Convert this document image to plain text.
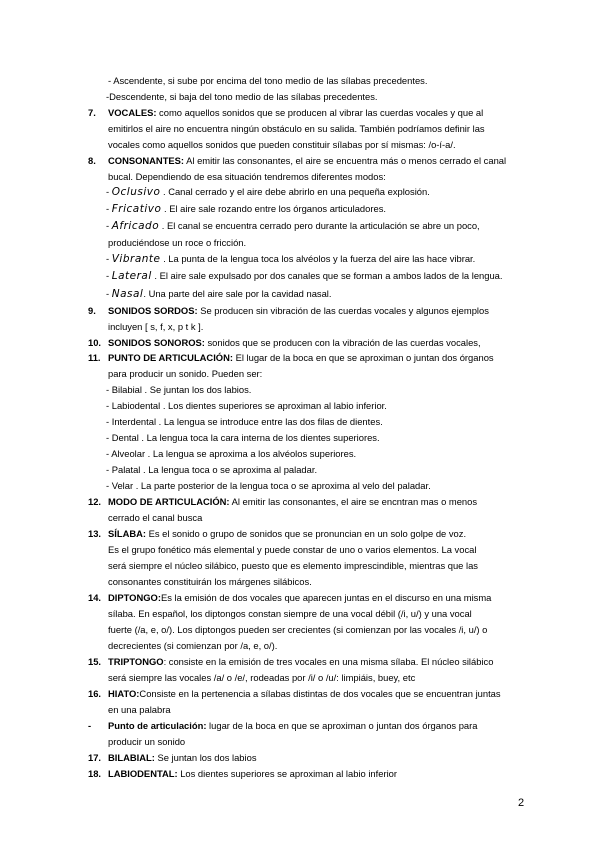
- Ascendente, si sube por encima del tono medio de las sílabas precedentes.
-Descendente, si baja del tono medio de las sílabas precedentes.
7. VOCALES: como aquellos sonidos que se producen al vibrar las cuerdas vocales y que al
emitirlos el aire no encuentra ningún obstáculo en su salida. También podríamos definir las
vocales como aquellos sonidos que pueden constituir sílabas por sí mismas: /o-í-a/.
8. CONSONANTES: Al emitir las consonantes, el aire se encuentra más o menos cerrado el canal
bucal. Dependiendo de esa situación tendremos diferentes modos:
- Oclusivo . Canal cerrado y el aire debe abrirlo en una pequeña explosión.
- Fricativo . El aire sale rozando entre los órganos articuladores.
- Africado . El canal se encuentra cerrado pero durante la articulación se abre un poco,
produciéndose un roce o fricción.
- Vibrante . La punta de la lengua toca los alvéolos y la fuerza del aire las hace vibrar.
- Lateral . El aire sale expulsado por dos canales que se forman a ambos lados de la lengua.
- Nasal. Una parte del aire sale por la cavidad nasal.
9. SONIDOS SORDOS: Se producen sin vibración de las cuerdas vocales y algunos ejemplos
incluyen [ s, f, x, p t k ].
10. SONIDOS SONOROS: sonidos que se producen con la vibración de las cuerdas vocales,
11. PUNTO DE ARTICULACIÓN: El lugar de la boca en que se aproximan o juntan dos órganos
para producir un sonido. Pueden ser:
- Bilabial . Se juntan los dos labios.
- Labiodental . Los dientes superiores se aproximan al labio inferior.
- Interdental . La lengua se introduce entre las dos filas de dientes.
- Dental . La lengua toca la cara interna de los dientes superiores.
- Alveolar . La lengua se aproxima a los alvéolos superiores.
- Palatal . La lengua toca o se aproxima al paladar.
- Velar . La parte posterior de la lengua toca o se aproxima al velo del paladar.
12. MODO DE ARTICULACIÓN: Al emitir las consonantes, el aire se encntran mas o menos
cerrado el canal busca
13. SÍLABA: Es el sonido o grupo de sonidos que se pronuncian en un solo golpe de voz.
Es el grupo fonético más elemental y puede constar de uno o varios elementos. La vocal
será siempre el núcleo silábico, puesto que es elemento imprescindible, mientras que las
consonantes constituirán los márgenes silábicos.
14. DIPTONGO:Es la emisión de dos vocales que aparecen juntas en el discurso en una misma
sílaba. En español, los diptongos constan siempre de una vocal débil (/i, u/) y una vocal
fuerte (/a, e, o/). Los diptongos pueden ser crecientes (si comienzan por las vocales /i, u/) o
decrecientes (si comienzan por /a, e, o/).
15. TRIPTONGO: consiste en la emisión de tres vocales en una misma sílaba. El núcleo silábico
será siempre las vocales /a/ o /e/, rodeadas por /i/ o /u/: limpiáis, buey, etc
16. HIATO:Consiste en la pertenencia a sílabas distintas de dos vocales que se encuentran juntas
en una palabra
- Punto de articulación: lugar de la boca en que se aproximan o juntan dos órganos para
producir un sonido
17. BILABIAL: Se juntan los dos labios
18. LABIODENTAL: Los dientes superiores se aproximan al labio inferior
2
